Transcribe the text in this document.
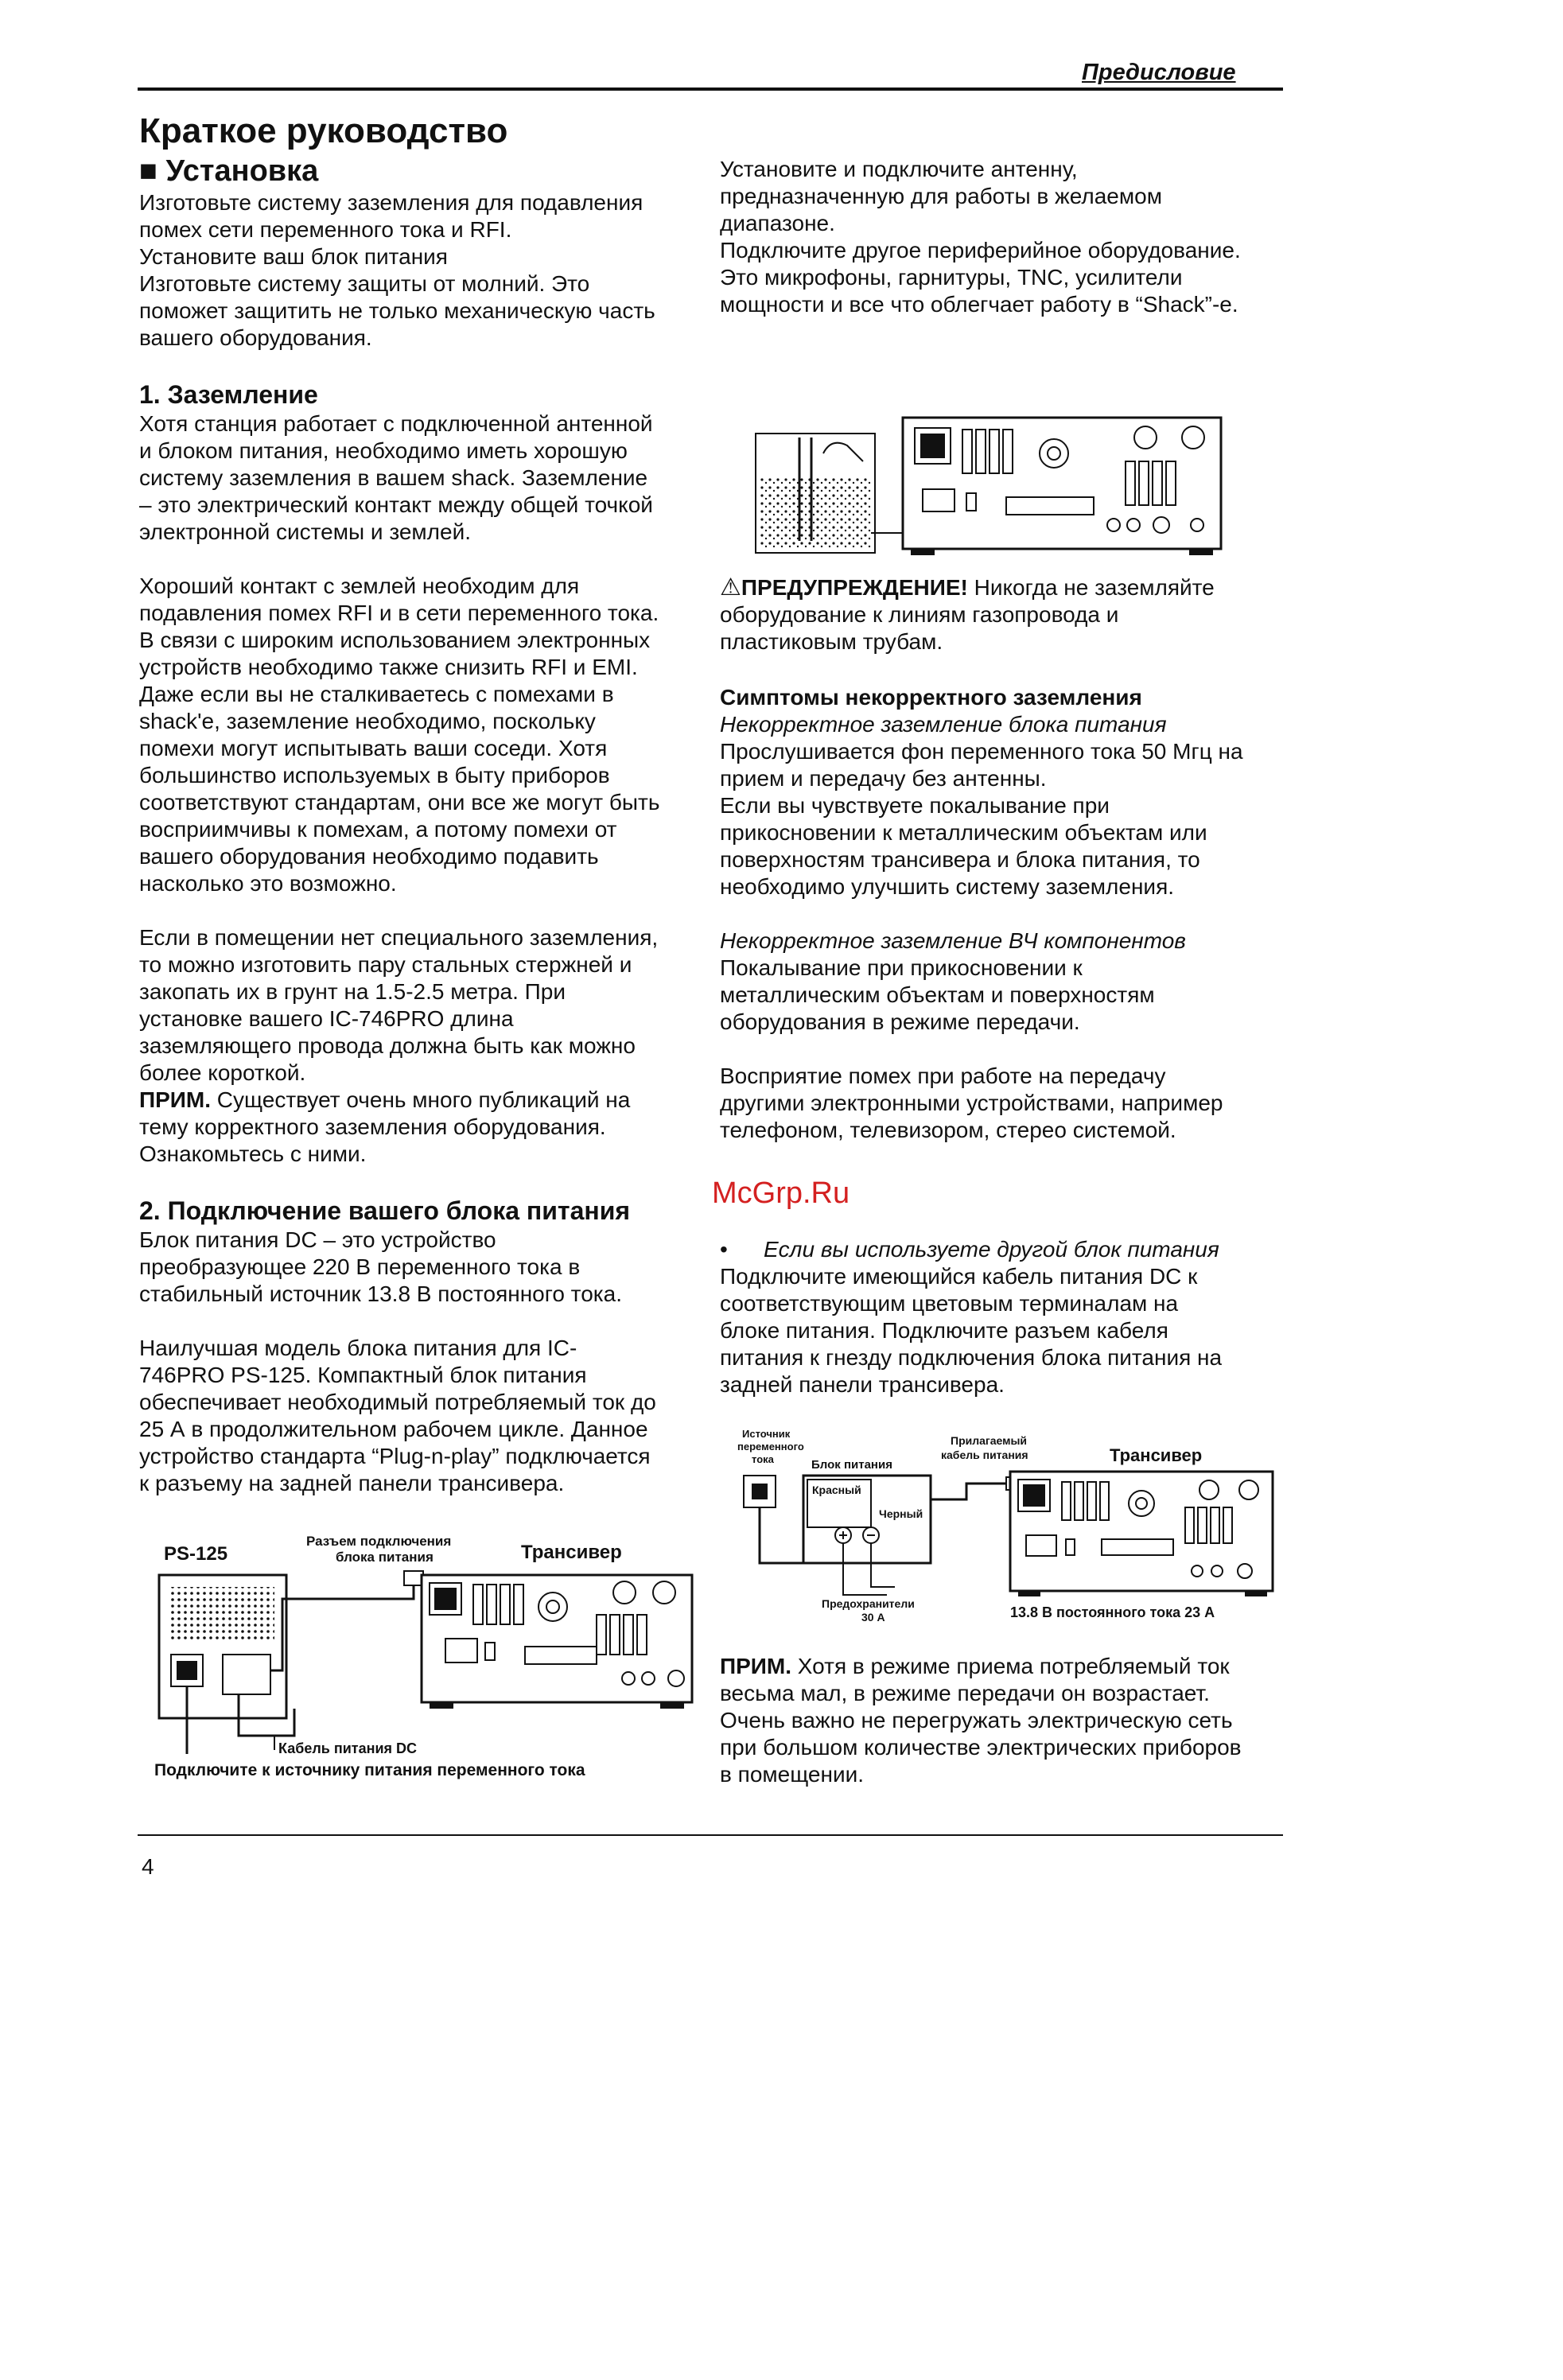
Предисловие
Краткое руководство
■ Установка

Изготовьте систему заземления для подавления

помех сети переменного тока и RFI.

Установите ваш блок питания

Изготовьте систему защиты от молний. Это

поможет защитить не только механическую часть

вашего оборудования.

1. Заземление

Хотя станция работает с подключенной антенной

и блоком питания, необходимо иметь хорошую

систему заземления в вашем shack. Заземление

– это электрический контакт между общей точкой

электронной системы и землей.

Хороший контакт с землей необходим для

подавления помех RFI и в сети переменного тока.

В связи с широким использованием электронных

устройств необходимо также снизить RFI и EMI.

Даже если вы не сталкиваетесь с помехами в

shack'e, заземление необходимо, поскольку

помехи могут испытывать ваши соседи. Хотя

большинство используемых в быту приборов

соответствуют стандартам, они все же могут быть

восприимчивы к помехам, а потому помехи от

вашего оборудования необходимо подавить

насколько это возможно.

Если в помещении нет специального заземления,

то можно изготовить пару стальных стержней и

закопать их в грунт на 1.5-2.5 метра. При

установке вашего IC-746PRO длина

заземляющего провода должна быть как можно

более короткой.

ПРИМ. Существует очень много публикаций на

тему корректного заземления оборудования.

Ознакомьтесь с ними.

2. Подключение вашего блока питания

Блок питания DC – это устройство

преобразующее 220 В переменного тока в

стабильный источник 13.8 В постоянного тока.

Наилучшая модель блока питания для IC-

746PRO PS-125. Компактный блок питания

обеспечивает необходимый потребляемый ток до

25 А в продолжительном рабочем цикле. Данное

устройство стандарта “Plug-n-play” подключается

к разъему на задней панели трансивера.

PS-125
Разъем подключения
блока питания	Трансивер
Кабель питания DC
Подключите к источнику питания переменного тока

Установите и подключите антенну,

предназначенную для работы в желаемом

диапазоне.

Подключите другое периферийное оборудование.

Это микрофоны, гарнитуры, TNC, усилители

мощности и все что облегчает работу в “Shack”-е.

⚠ПРЕДУПРЕЖДЕНИЕ! Никогда не заземляйте

оборудование к линиям газопровода и

пластиковым трубам.

Симптомы некорректного заземления

Некорректное заземление блока питания

Прослушивается фон переменного тока 50 Мгц на

прием и передачу без антенны.

Если вы чувствуете покалывание при

прикосновении к металлическим объектам или

поверхностям трансивера и блока питания, то

необходимо улучшить систему заземления.

Некорректное заземление ВЧ компонентов

Покалывание при прикосновении к

металлическим объектам и поверхностям

оборудования в режиме передачи.

Восприятие помех при работе на передачу

другими электронными устройствами, например

телефоном, телевизором, стерео системой.

McGrp.Ru

• Если вы используете другой блок питания

Подключите имеющийся кабель питания DC к

соответствующим цветовым терминалам на

блоке питания. Подключите разъем кабеля

питания к гнезду подключения блока питания на

задней панели трансивера.

Источник
переменного
тока	Блок питания
Красный
Черный
Прилагаемый
кабель питания	Трансивер
Предохранители
30 А	13.8 В постоянного тока 23 А

ПРИМ. Хотя в режиме приема потребляемый ток

весьма мал, в режиме передачи он возрастает.

Очень важно не перегружать электрическую сеть

при большом количестве электрических приборов

в помещении.

4
